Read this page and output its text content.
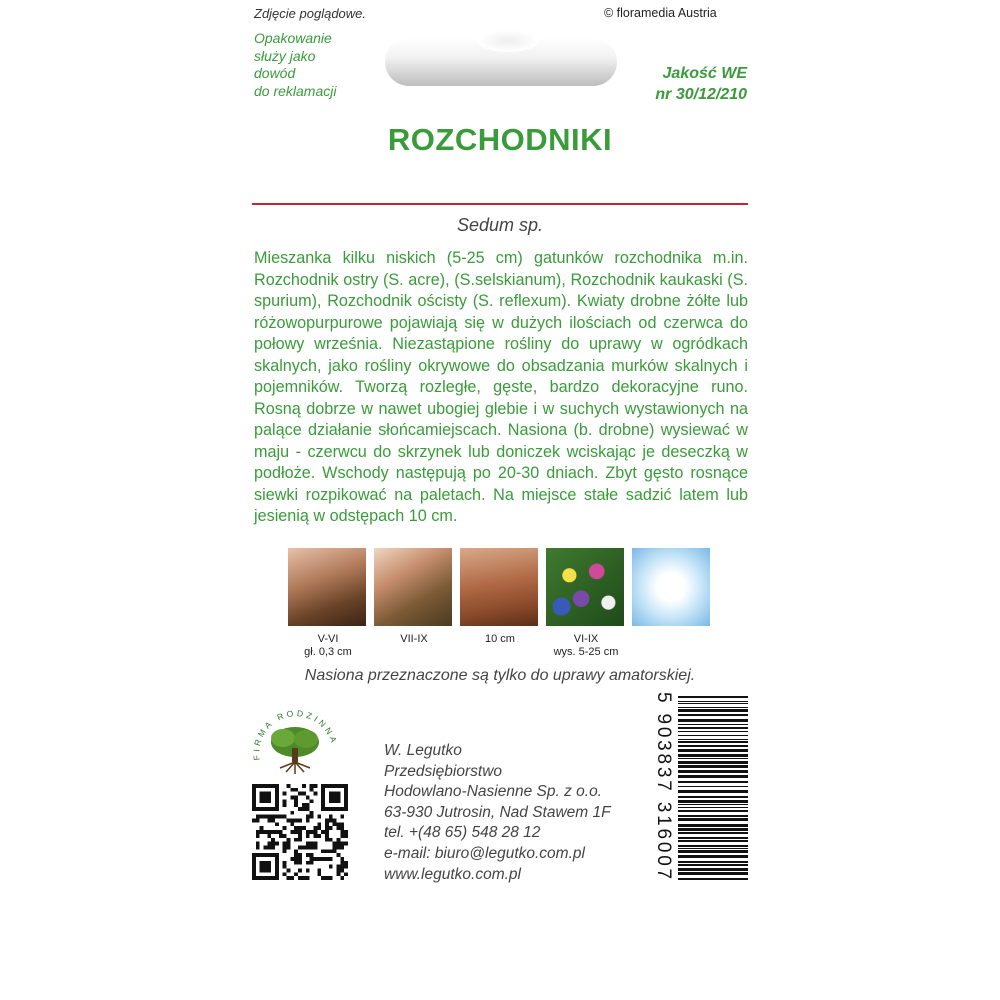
Zdjęcie poglądowe.	© floramedia Austria
Opakowanie
służy jako
dowód
do reklamacji
Jakość WE
nr 30/12/210
ROZCHODNIKI
Sedum sp.
Mieszanka kilku niskich (5-25 cm) gatunków rozchodnika m.in. Rozchodnik ostry (S. acre), (S.selskianum), Rozchodnik kaukaski (S. spurium), Rozchodnik ościsty (S. reflexum). Kwiaty drobne żółte lub różowopurpurowe pojawiają się w dużych ilościach od czerwca do połowy września. Niezastąpione rośliny do uprawy w ogródkach skalnych, jako rośliny okrywowe do obsadzania murków skalnych i pojemników. Tworzą rozległe, gęste, bardzo dekoracyjne runo. Rosną dobrze w nawet ubogiej glebie i w suchych wystawionych na palące działanie słońcamiejscach. Nasiona (b. drobne) wysiewać w maju - czerwcu do skrzynek lub doniczek wciskając je deseczką w podłoże. Wschody następują po 20-30 dniach. Zbyt gęsto rosnące siewki rozpikować na paletach. Na miejsce stałe sadzić latem lub jesienią w odstępach 10 cm.
V-VI
gł. 0,3 cm
VII-IX	10 cm	VI-IX
wys. 5-25 cm
Nasiona przeznaczone są tylko do uprawy amatorskiej.
FIRMA RODZINNA
W. Legutko
Przedsiębiorstwo
Hodowlano-Nasienne Sp. z o.o.
63-930 Jutrosin, Nad Stawem 1F
tel. +(48 65) 548 28 12
e-mail: biuro@legutko.com.pl
www.legutko.com.pl	5 903837 316007
